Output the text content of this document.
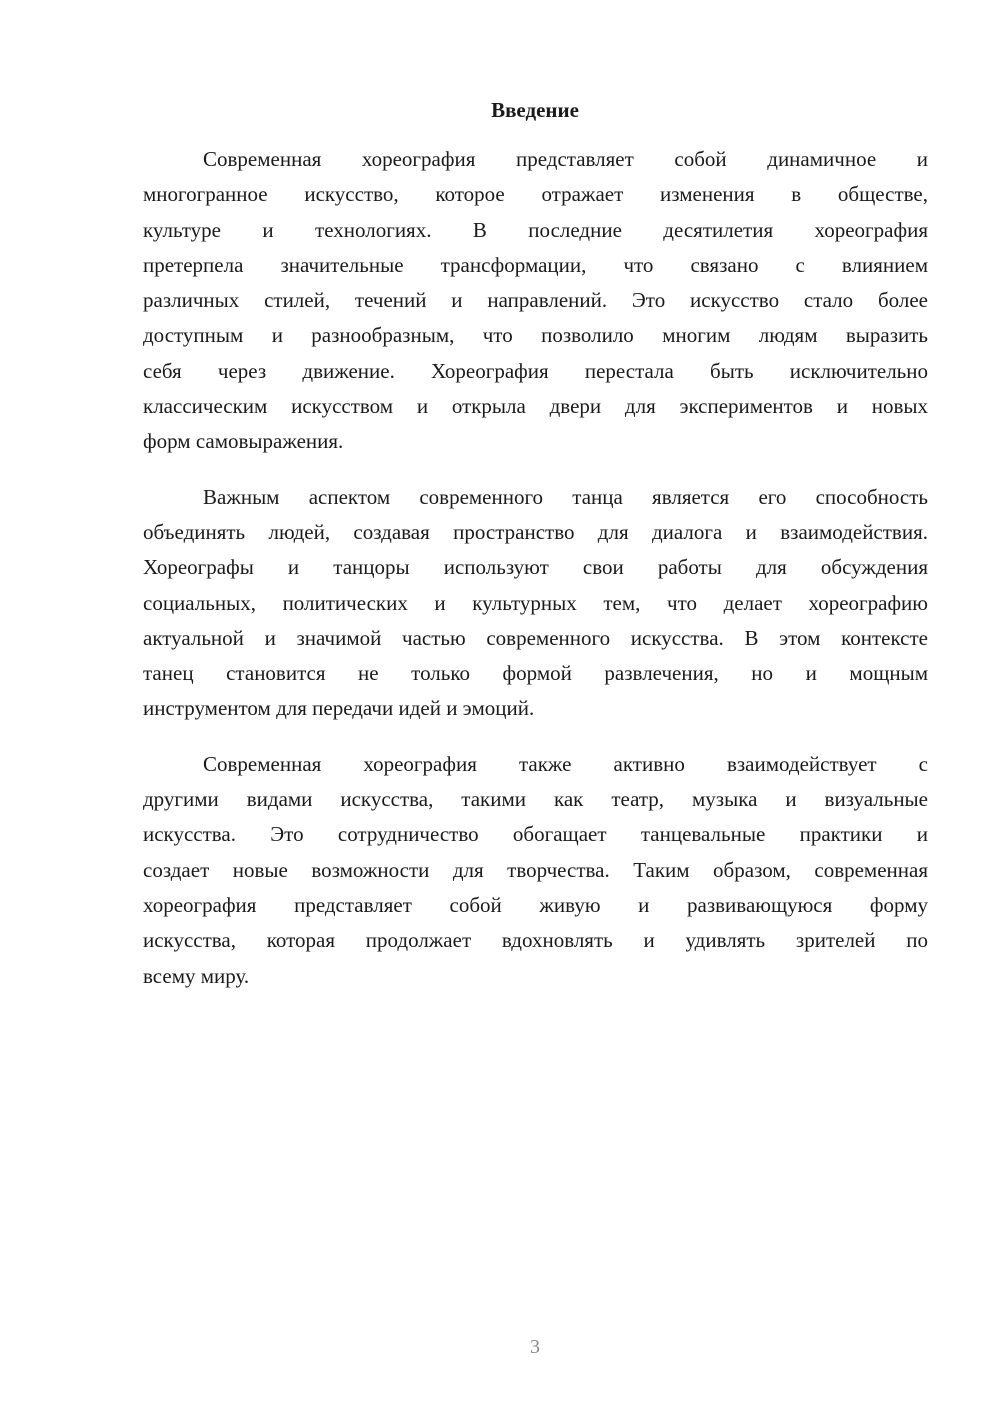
Введение
Современная хореография представляет собой динамичное и
многогранное искусство, которое отражает изменения в обществе,
культуре и технологиях. В последние десятилетия хореография
претерпела значительные трансформации, что связано с влиянием
различных стилей, течений и направлений. Это искусство стало более
доступным и разнообразным, что позволило многим людям выразить
себя через движение. Хореография перестала быть исключительно
классическим искусством и открыла двери для экспериментов и новых
форм самовыражения.
Важным аспектом современного танца является его способность
объединять людей, создавая пространство для диалога и взаимодействия.
Хореографы и танцоры используют свои работы для обсуждения
социальных, политических и культурных тем, что делает хореографию
актуальной и значимой частью современного искусства. В этом контексте
танец становится не только формой развлечения, но и мощным
инструментом для передачи идей и эмоций.
Современная хореография также активно взаимодействует с
другими видами искусства, такими как театр, музыка и визуальные
искусства. Это сотрудничество обогащает танцевальные практики и
создает новые возможности для творчества. Таким образом, современная
хореография представляет собой живую и развивающуюся форму
искусства, которая продолжает вдохновлять и удивлять зрителей по
всему миру.
3
